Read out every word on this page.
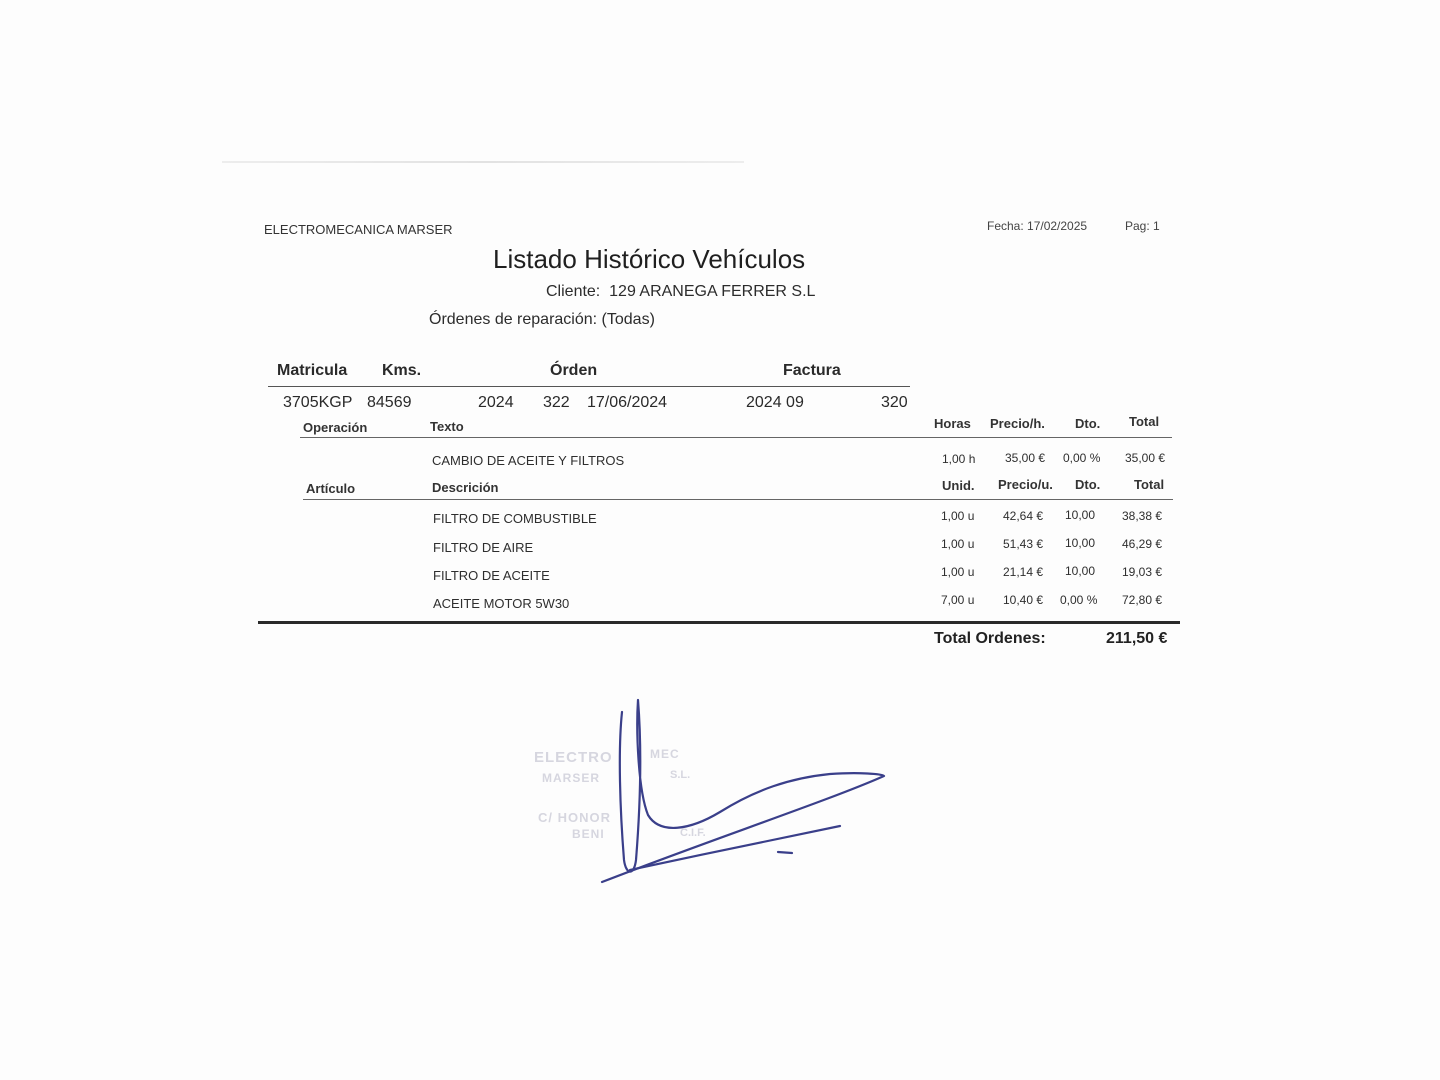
ELECTROMECANICA MARSER	Fecha: 17/02/2025	Pag: 1
Listado Histórico Vehículos
Cliente: 129 ARANEGA FERRER S.L
Órdenes de reparación: (Todas)
Matricula Kms.	Órden	Factura
3705KGP 84569	2024 322 17/06/2024	2024 09	320
Operación	Texto	Horas Precio/h. Dto. Total
CAMBIO DE ACEITE Y FILTROS	1,00 h 35,00 € 0,00 % 35,00 €
Artículo	Descrición	Unid. Precio/u. Dto.	Total
FILTRO DE COMBUSTIBLE	1,00 u 42,64 € 10,00 38,38 €
FILTRO DE AIRE	1,00 u 51,43 € 10,00 46,29 €
FILTRO DE ACEITE	1,00 u 21,14 € 10,00 19,03 €
ACEITE MOTOR 5W30	7,00 u 10,40 € 0,00 % 72,80 €
Total Ordenes:	211,50 €
ELECTRO	MEC
MARSER	S.L.
C/ HONOR
BENI	C.I.F.
